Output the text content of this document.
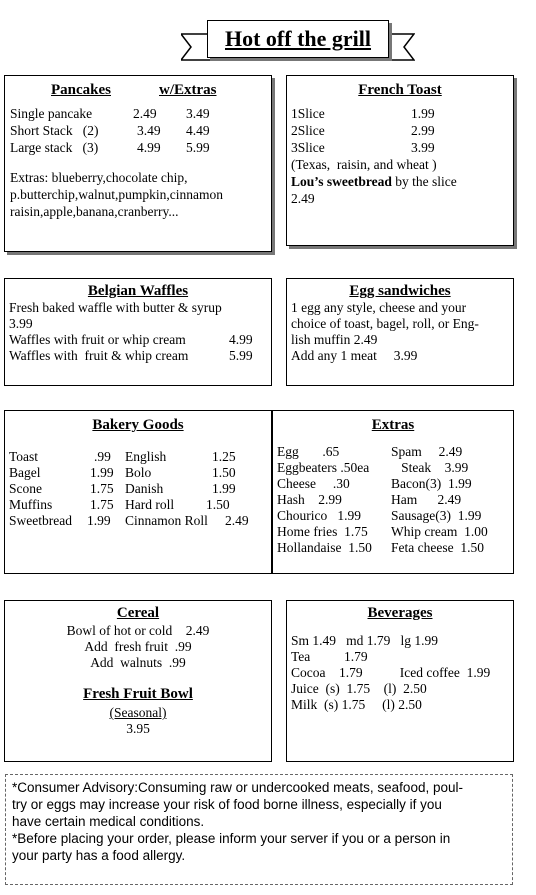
Hot off the grill
Pancakes	w/Extras
Single pancake	2.49 3.49
Short Stack   (2)	3.49 4.49
Large stack   (3)	4.99 5.99
Extras: blueberry,chocolate chip,
p.butterchip,walnut,pumpkin,cinnamon
raisin,apple,banana,cranberry...
French Toast
1Slice	1.99
2Slice	2.99
3Slice	3.99
(Texas,  raisin, and wheat )
Lou’s sweetbread by the slice
2.49
Belgian Waffles
Fresh baked waffle with butter & syrup
3.99
Waffles with fruit or whip cream	4.99
Waffles with  fruit & whip cream	5.99
Egg sandwiches
1 egg any style, cheese and your
choice of toast, bagel, roll, or Eng-
lish muffin 2.49
Add any 1 meat     3.99
Bakery Goods
Toast	.99 English	1.25
Bagel	1.99 Bolo	1.50
Scone	1.75 Danish	1.99
Muffins	1.75 Hard roll 1.50
Sweetbread 1.99 Cinnamon Roll 2.49
Extras
Egg       .65
Eggbeaters .50ea
Cheese     .30
Hash    2.99
Chourico   1.99
Home fries  1.75
Hollandaise  1.50
Spam     2.49
Steak    3.99
Bacon(3)  1.99
Ham      2.49
Sausage(3)  1.99
Whip cream  1.00
Feta cheese  1.50
Cereal
Bowl of hot or cold    2.49
Add  fresh fruit  .99
Add  walnuts  .99
Fresh Fruit Bowl
(Seasonal)
3.95
Beverages
Sm 1.49   md 1.79   lg 1.99
Tea          1.79
Cocoa    1.79           Iced coffee  1.99
Juice  (s)  1.75    (l)  2.50
Milk  (s) 1.75     (l) 2.50
*Consumer Advisory:Consuming raw or undercooked meats, seafood, poul-
try or eggs may increase your risk of food borne illness, especially if you
have certain medical conditions.
*Before placing your order, please inform your server if you or a person in
your party has a food allergy.
